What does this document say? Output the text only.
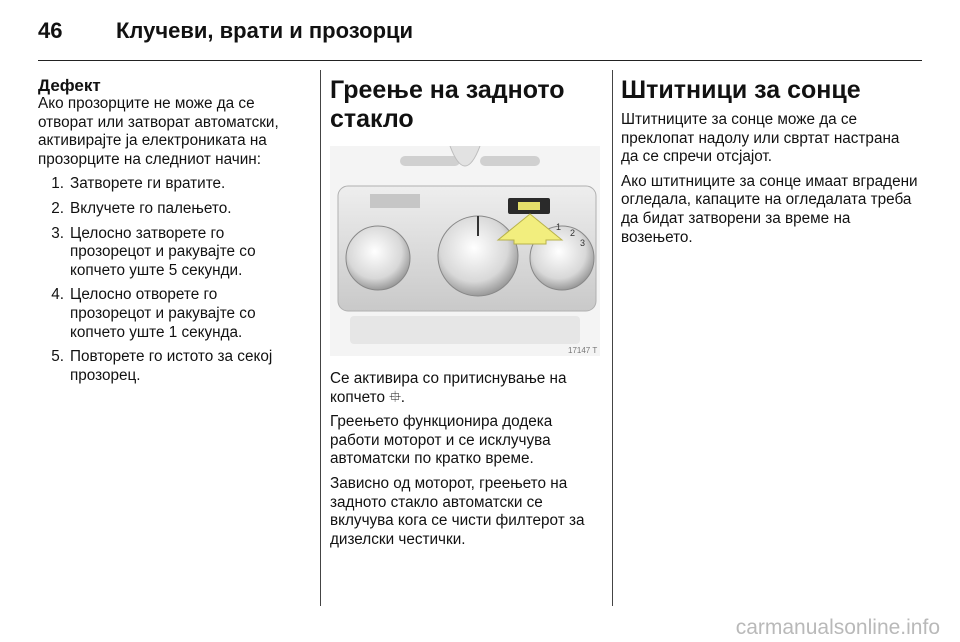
46	Клучеви, врати и прозорци
Дефект

Ако прозорците не може да се отворат или затворат автоматски, активирајте ја електрониката на прозорците на следниот начин:

1. Затворете ги вратите.
2. Вклучете го палењето.
3. Целосно затворете го прозорецот и ракувајте со копчето уште 5 секунди.
4. Целосно отворете го прозорецот и ракувајте со копчето уште 1 секунда.
5. Повторете го истото за секој прозорец.
Греење на задното стакло
1
2
3
17147 T

Се активира со притиснување на копчето ⯐.

Греењето функционира додека работи моторот и се исклучува автоматски по кратко време.

Зависно од моторот, греењето на задното стакло автоматски се вклучува кога се чисти филтерот за дизелски честички.

Штитници за сонце

Штитниците за сонце може да се преклопат надолу или свртат настрана да се спречи отсјајот.

Ако штитниците за сонце имаат вградени огледала, капаците на огледалата треба да бидат затворени за време на возењето.

carmanualsonline.info
